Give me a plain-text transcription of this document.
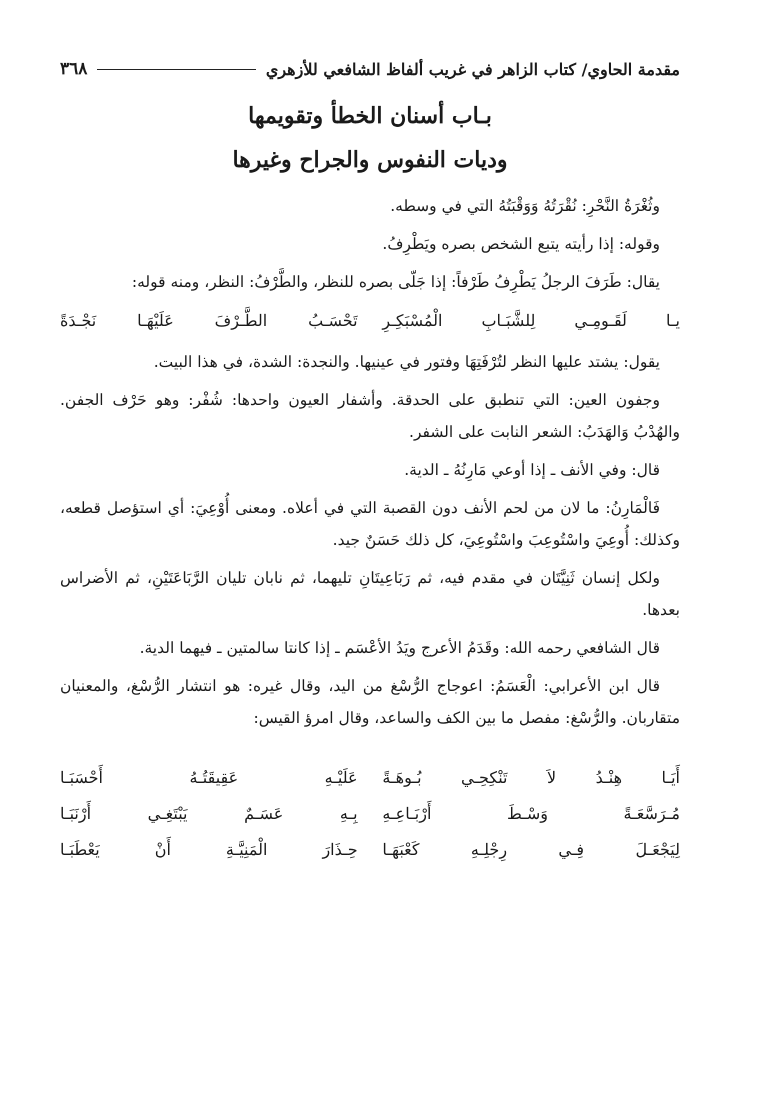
مقدمة الحاوي/ كتاب الزاهر في غريب ألفاظ الشافعي للأزهري
٣٦٨
بـاب أسنان الخطأ وتقويمها
وديات النفوس والجراح وغيرها

وثُغْرَةُ النَّحْرِ: نُقْرَتُهُ وَوَقْبَتُهُ التي في وسطه.

وقوله: إذا رأيته يتبع الشخص بصره ويَطْرِفُ.

يقال: طَرَفَ الرجلُ يَطْرِفُ طَرْفاً: إذا جَلّى بصره للنظر، والطَّرْفُ: النظر، ومنه قوله:

يـا لَقَـومِـي لِلشَّبَـابِ الْمُسْبَكِـرِ
تَحْسَـبُ الطَّـرْفَ عَلَيْهَـا نَجْـدَةً

يقول: يشتد عليها النظر لتُرْفَتِهَا وفتور في عينيها. والنجدة: الشدة، في هذا البيت.

وجفون العين: التي تنطبق على الحدقة. وأشفار العيون واحدها: شُفْر: وهو حَرْف الجفن. والهُدْبُ وَالهَدَبُ: الشعر النابت على الشفر.

قال: وفي الأنف ـ إذا أوعي مَارِنُهُ ـ الدية.

فَالْمَارِنُ: ما لان من لحم الأنف دون القصبة التي في أعلاه. ومعنى أُوْعِيَ: أي استؤصل قطعه، وكذلك: أُوعِيَ واسْتُوعِبَ واسْتُوعِيَ، كل ذلك حَسَنٌ جيد.

ولكل إنسان ثَنِيَّتَان في مقدم فيه، ثم رَبَاعِيتَانِ تليهما، ثم نابان تليان الرَّبَاعَتَيْنِ، ثم الأضراس بعدها.

قال الشافعي رحمه الله: وقَدَمُ الأعرج ويَدُ الأعْسَم ـ إذا كانتا سالمتين ـ فيهما الدية.

قال ابن الأعرابي: الْعَسَمُ: اعوجاج الرُّسْغ من اليد، وقال غيره: هو انتشار الرُّسْغ، والمعنيان متقاربان. والرُّسْغ: مفصل ما بين الكف والساعد، وقال امرؤ القيس:

أَيَـا هِنْـدُ لاَ تَنْكِحِـي بُـوهَـةً
عَلَيْـهِ عَقِيقَتُـهُ أَحْسَبَـا
مُـرَسَّعَـةً وَسْـطَ أَرْبَـاعِـهِ
بِـهِ عَسَـمٌ يَبْتَغِـي أَرْنَبَـا
لِيَجْعَـلَ فِـي رِجْلِـهِ كَعْبَهَـا
حِـذَارَ الْمَنِيَّـةِ أَنْ يَعْطَبَـا
